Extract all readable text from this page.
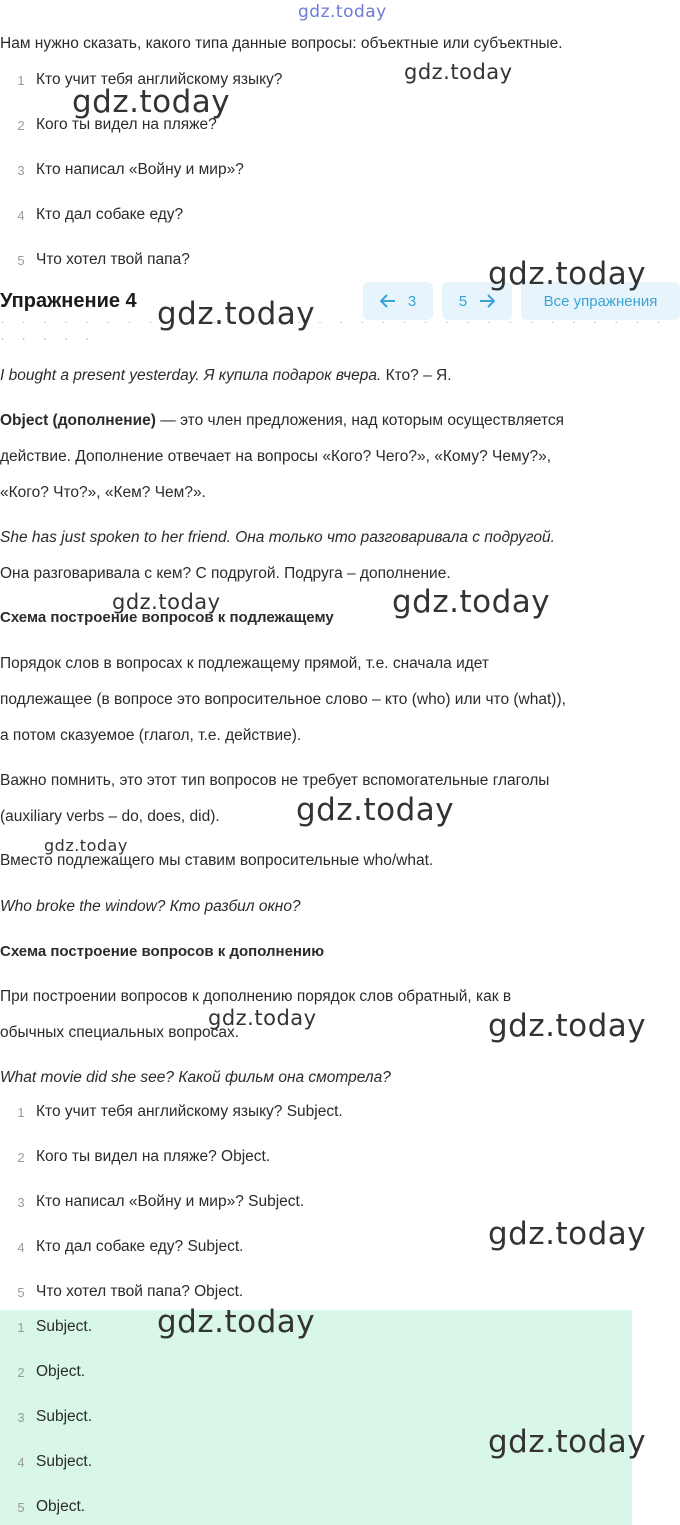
gdz.today
Нам нужно сказать, какого типа данные вопросы: объектные или субъектные.
1 Кто учит тебя английскому языку?
2 Кого ты видел на пляже?
3 Кто написал «Войну и мир»?
4 Кто дал собаке еду?
5 Что хотел твой папа?
· · · · ·
Упражнение 4	3	5	Все упражнения
I bought a present yesterday. Я купила подарок вчера. Кто? – Я.
Object (дополнение) — это член предложения, над которым осуществляется
действие. Дополнение отвечает на вопросы «Кого? Чего?», «Кому? Чему?»,
«Кого? Что?», «Кем? Чем?».
She has just spoken to her friend. Она только что разговаривала с подругой.
Она разговаривала с кем? С подругой. Подруга – дополнение.
Схема построение вопросов к подлежащему
Порядок слов в вопросах к подлежащему прямой, т.е. сначала идет
подлежащее (в вопросе это вопросительное слово – кто (who) или что (what)),
а потом сказуемое (глагол, т.е. действие).
Важно помнить, это этот тип вопросов не требует вспомогательные глаголы
(auxiliary verbs – do, does, did).
Вместо подлежащего мы ставим вопросительные who/what.
Who broke the window? Кто разбил окно?
Схема построение вопросов к дополнению
При построении вопросов к дополнению порядок слов обратный, как в
обычных специальных вопросах.
What movie did she see? Какой фильм она смотрела?
1 Кто учит тебя английскому языку? Subject.
2 Кого ты видел на пляже? Object.
3 Кто написал «Войну и мир»? Subject.
4 Кто дал собаке еду? Subject.
5 Что хотел твой папа? Object.
1 Subject.
2 Object.
3 Subject.
4 Subject.
5 Object.
gdz.today
gdz.today
gdz.today
gdz.today
gdz.today	gdz.today
gdz.today
gdz.today
gdz.today	gdz.today
gdz.today
gdz.today
gdz.today
